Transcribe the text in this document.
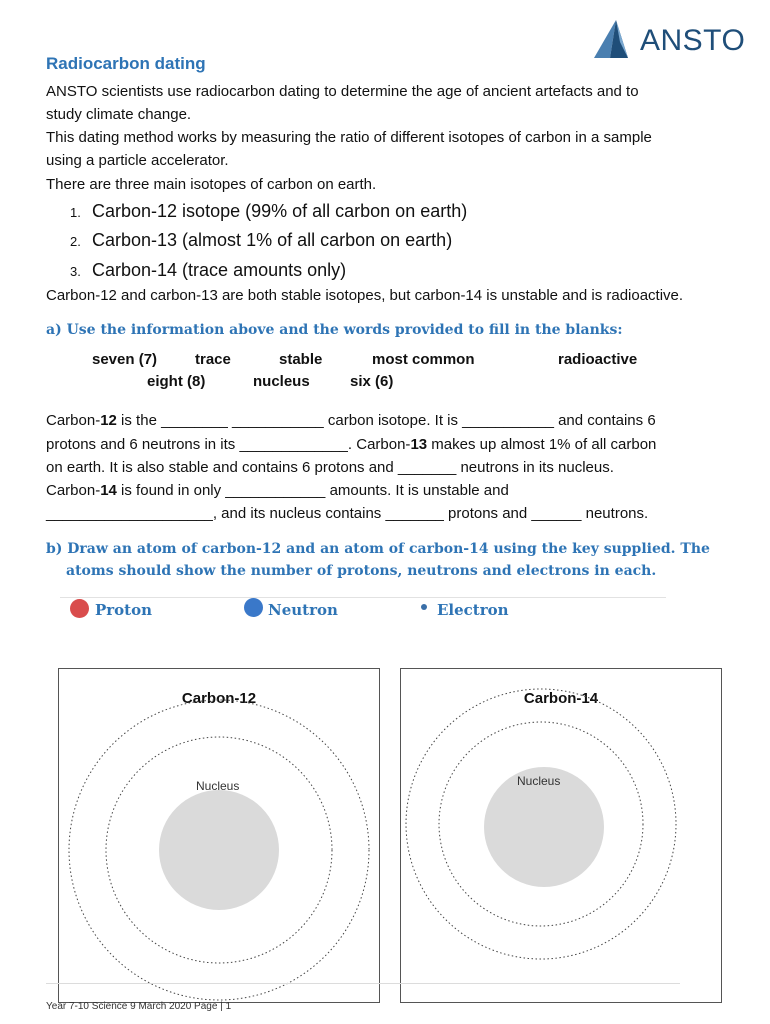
ANSTO
Radiocarbon dating
ANSTO scientists use radiocarbon dating to determine the age of ancient artefacts and to
study climate change.
This dating method works by measuring the ratio of different isotopes of carbon in a sample
using a particle accelerator.
There are three main isotopes of carbon on earth.
1. Carbon-12 isotope (99% of all carbon on earth)
2. Carbon-13 (almost 1% of all carbon on earth)
3. Carbon-14 (trace amounts only)
Carbon-12 and carbon-13 are both stable isotopes, but carbon-14 is unstable and is radioactive.
a) Use the information above and the words provided to fill in the blanks:
seven (7)	trace	stable	most common	radioactive
eight (8)	nucleus	six (6)
Carbon-12 is the ________ ___________ carbon isotope. It is ___________ and contains 6
protons and 6 neutrons in its _____________. Carbon-13 makes up almost 1% of all carbon
on earth. It is also stable and contains 6 protons and _______ neutrons in its nucleus.
Carbon-14 is found in only ____________ amounts. It is unstable and
____________________, and its nucleus contains _______ protons and ______ neutrons.
b) Draw an atom of carbon-12 and an atom of carbon-14 using the key supplied. The
atoms should show the number of protons, neutrons and electrons in each.
Proton	Neutron	Electron
Carbon-12
Nucleus
Carbon-14
Nucleus
Year 7-10 Science 9 March 2020 Page | 1
